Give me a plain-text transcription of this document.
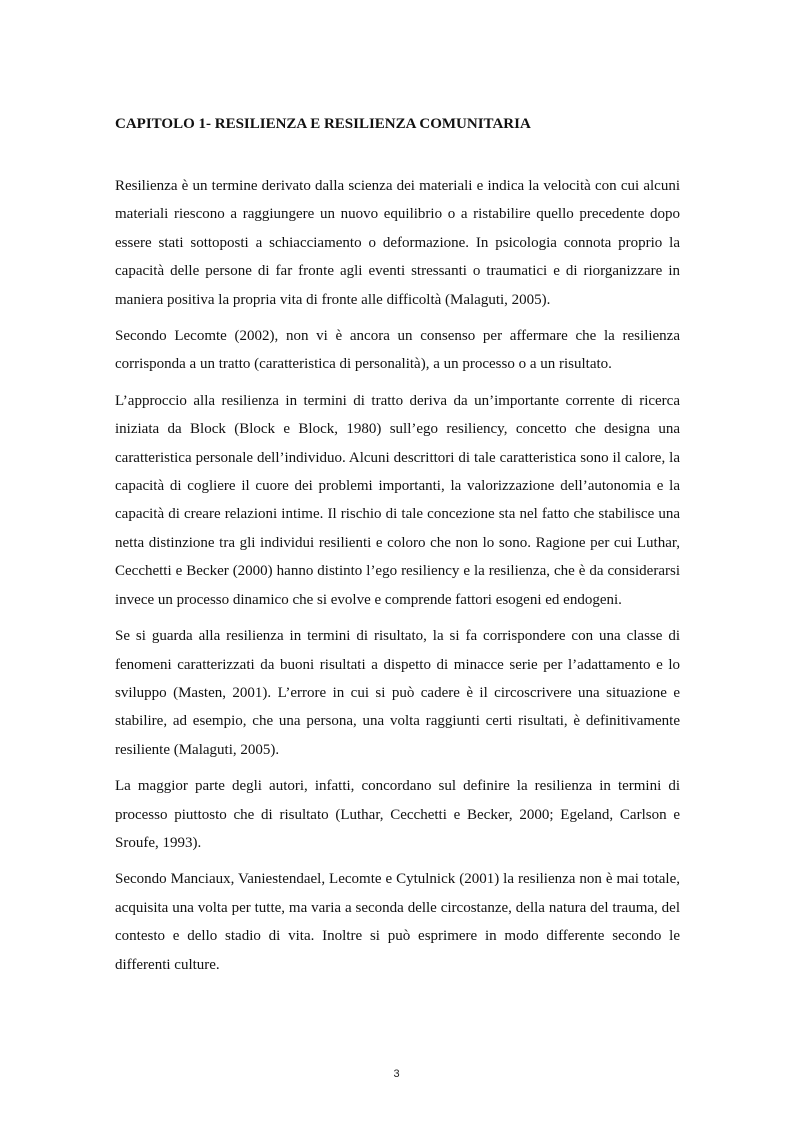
CAPITOLO 1- RESILIENZA E RESILIENZA COMUNITARIA

Resilienza è un termine derivato dalla scienza dei materiali e indica la velocità con cui alcuni materiali riescono a raggiungere un nuovo equilibrio o a ristabilire quello precedente dopo essere stati sottoposti a schiacciamento o deformazione. In psicologia connota proprio la capacità delle persone di far fronte agli eventi stressanti o traumatici e di riorganizzare in maniera positiva la propria vita di fronte alle difficoltà (Malaguti, 2005).

Secondo Lecomte (2002), non vi è ancora un consenso per affermare che la resilienza corrisponda a un tratto (caratteristica di personalità), a un processo o a un risultato.

L’approccio alla resilienza in termini di tratto deriva da un’importante corrente di ricerca iniziata da Block (Block e Block, 1980) sull’ego resiliency, concetto che designa una caratteristica personale dell’individuo. Alcuni descrittori di tale caratteristica sono il calore, la capacità di cogliere il cuore dei problemi importanti, la valorizzazione dell’autonomia e la capacità di creare relazioni intime. Il rischio di tale concezione sta nel fatto che stabilisce una netta distinzione tra gli individui resilienti e coloro che non lo sono. Ragione per cui Luthar, Cecchetti e Becker (2000) hanno distinto l’ego resiliency e la resilienza, che è da considerarsi invece un processo dinamico che si evolve e comprende fattori esogeni ed endogeni.

Se si guarda alla resilienza in termini di risultato, la si fa corrispondere con una classe di fenomeni caratterizzati da buoni risultati a dispetto di minacce serie per l’adattamento e lo sviluppo (Masten, 2001). L’errore in cui si può cadere è il circoscrivere una situazione e stabilire, ad esempio, che una persona, una volta raggiunti certi risultati, è definitivamente resiliente (Malaguti, 2005).

La maggior parte degli autori, infatti, concordano sul definire la resilienza in termini di processo piuttosto che di risultato (Luthar, Cecchetti e Becker, 2000; Egeland, Carlson e Sroufe, 1993).

Secondo Manciaux, Vaniestendael, Lecomte e Cytulnick (2001) la resilienza non è mai totale, acquisita una volta per tutte, ma varia a seconda delle circostanze, della natura del trauma, del contesto e dello stadio di vita. Inoltre si può esprimere in modo differente secondo le differenti culture.

3
